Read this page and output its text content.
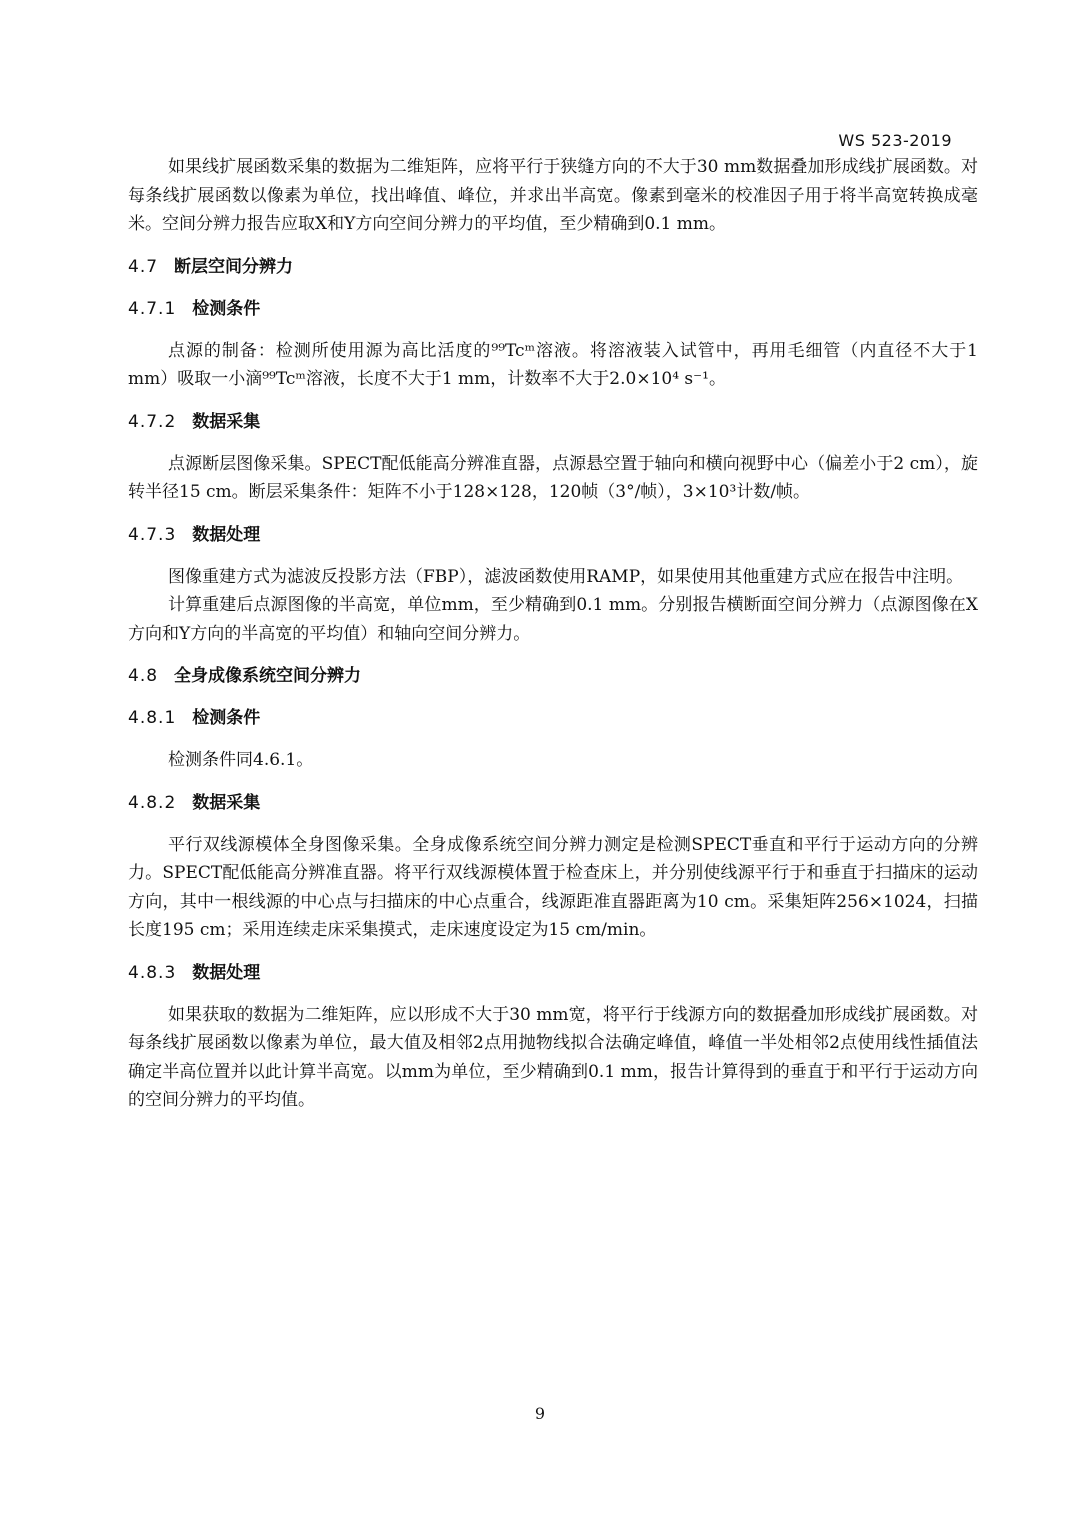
WS 523-2019

如果线扩展函数采集的数据为二维矩阵，应将平行于狭缝方向的不大于30 mm数据叠加形成线扩展函数。对每条线扩展函数以像素为单位，找出峰值、峰位，并求出半高宽。像素到毫米的校准因子用于将半高宽转换成毫米。空间分辨力报告应取X和Y方向空间分辨力的平均值，至少精确到0.1 mm。

4.7 断层空间分辨力
4.7.1 检测条件

点源的制备：检测所使用源为高比活度的⁹⁹Tcᵐ溶液。将溶液装入试管中，再用毛细管（内直径不大于1 mm）吸取一小滴⁹⁹Tcᵐ溶液，长度不大于1 mm，计数率不大于2.0×10⁴ s⁻¹。

4.7.2 数据采集

点源断层图像采集。SPECT配低能高分辨准直器，点源悬空置于轴向和横向视野中心（偏差小于2 cm），旋转半径15 cm。断层采集条件：矩阵不小于128×128，120帧（3°/帧），3×10³计数/帧。

4.7.3 数据处理

图像重建方式为滤波反投影方法（FBP），滤波函数使用RAMP，如果使用其他重建方式应在报告中注明。

计算重建后点源图像的半高宽，单位mm，至少精确到0.1 mm。分别报告横断面空间分辨力（点源图像在X方向和Y方向的半高宽的平均值）和轴向空间分辨力。

4.8 全身成像系统空间分辨力
4.8.1 检测条件

检测条件同4.6.1。

4.8.2 数据采集

平行双线源模体全身图像采集。全身成像系统空间分辨力测定是检测SPECT垂直和平行于运动方向的分辨力。SPECT配低能高分辨准直器。将平行双线源模体置于检查床上，并分别使线源平行于和垂直于扫描床的运动方向，其中一根线源的中心点与扫描床的中心点重合，线源距准直器距离为10 cm。采集矩阵256×1024，扫描长度195 cm；采用连续走床采集摸式，走床速度设定为15 cm/min。

4.8.3 数据处理

如果获取的数据为二维矩阵，应以形成不大于30 mm宽，将平行于线源方向的数据叠加形成线扩展函数。对每条线扩展函数以像素为单位，最大值及相邻2点用抛物线拟合法确定峰值，峰值一半处相邻2点使用线性插值法确定半高位置并以此计算半高宽。以mm为单位，至少精确到0.1 mm，报告计算得到的垂直于和平行于运动方向的空间分辨力的平均值。

9
